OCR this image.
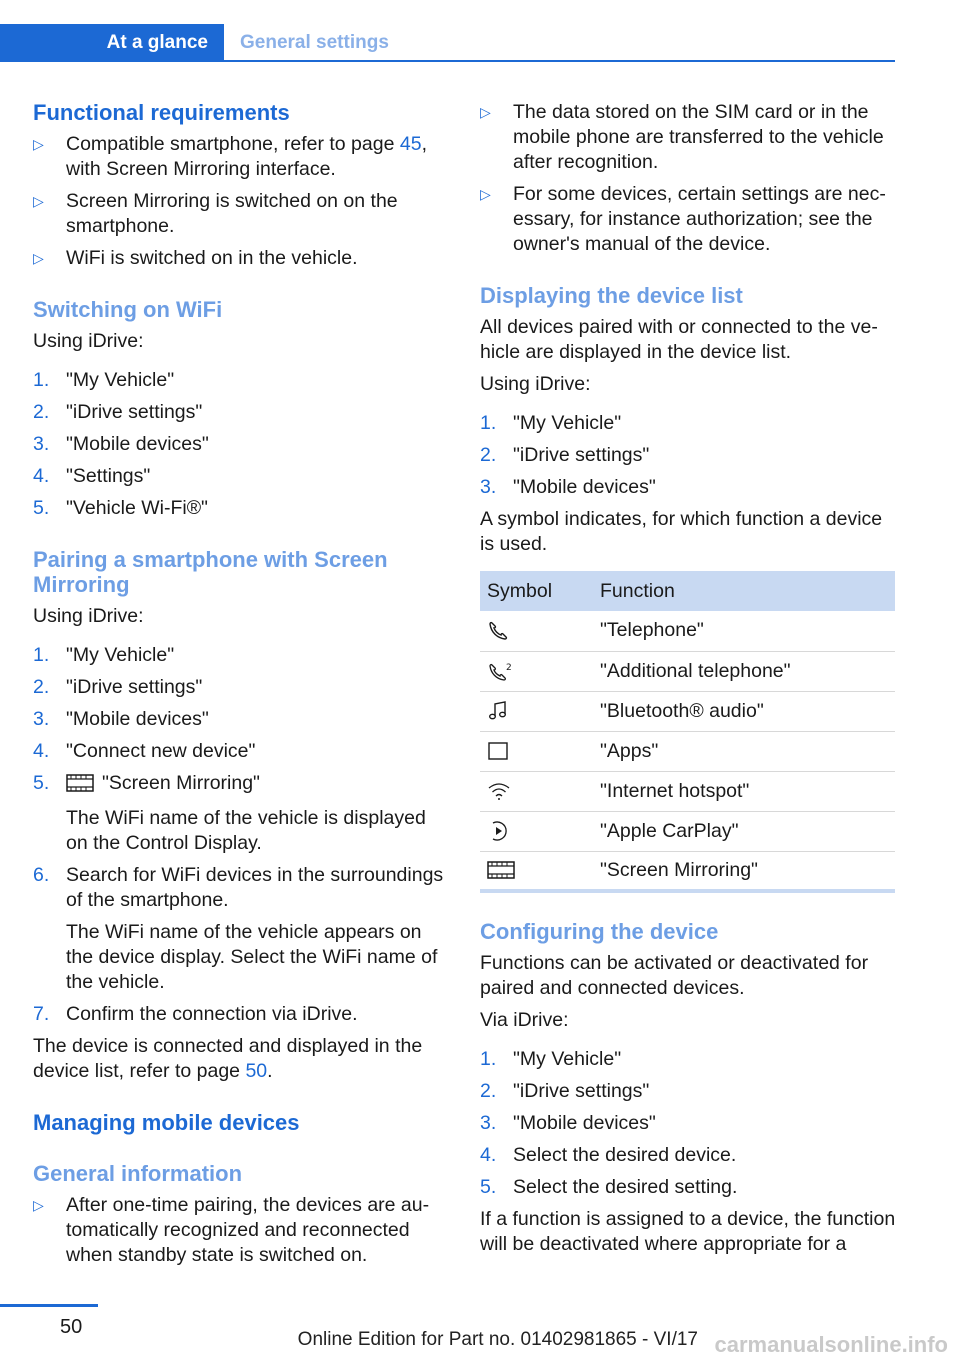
At a glance	General settings
Functional requirements
▷ Compatible smartphone, refer to page 45, with Screen Mirroring interface.
▷ Screen Mirroring is switched on on the smartphone.
▷ WiFi is switched on in the vehicle.
Switching on WiFi

Using iDrive:

1. "My Vehicle"
2. "iDrive settings"
3. "Mobile devices"
4. "Settings"
5. "Vehicle Wi-Fi®"
Pairing a smartphone with Screen Mirroring

Using iDrive:

1. "My Vehicle"
2. "iDrive settings"
3. "Mobile devices"
4. "Connect new device"
5.	"Screen Mirroring"
The WiFi name of the vehicle is displayed on the Control Display.
6. Search for WiFi devices in the surroundings of the smartphone.
The WiFi name of the vehicle appears on the device display. Select the WiFi name of the vehicle.
7. Confirm the connection via iDrive.

The device is connected and displayed in the device list, refer to page 50.

Managing mobile devices
General information
▷ After one-time pairing, the devices are automatically recognized and reconnected when standby state is switched on.
▷ The data stored on the SIM card or in the mobile phone are transferred to the vehicle after recognition.
▷ For some devices, certain settings are necessary, for instance authorization; see the owner's manual of the device.
Displaying the device list

All devices paired with or connected to the vehicle are displayed in the device list.

Using iDrive:

1. "My Vehicle"
2. "iDrive settings"
3. "Mobile devices"

A symbol indicates, for which function a device is used.

Symbol	Function

	"Telephone"

2	"Additional telephone"

	"Bluetooth® audio"

	"Apps"

	"Internet hotspot"

	"Apple CarPlay"

	"Screen Mirroring"
Configuring the device

Functions can be activated or deactivated for paired and connected devices.

Via iDrive:

1. "My Vehicle"
2. "iDrive settings"
3. "Mobile devices"
4. Select the desired device.
5. Select the desired setting.

If a function is assigned to a device, the function will be deactivated where appropriate for a

50
Online Edition for Part no. 01402981865 - VI/17 carmanualsonline.info
